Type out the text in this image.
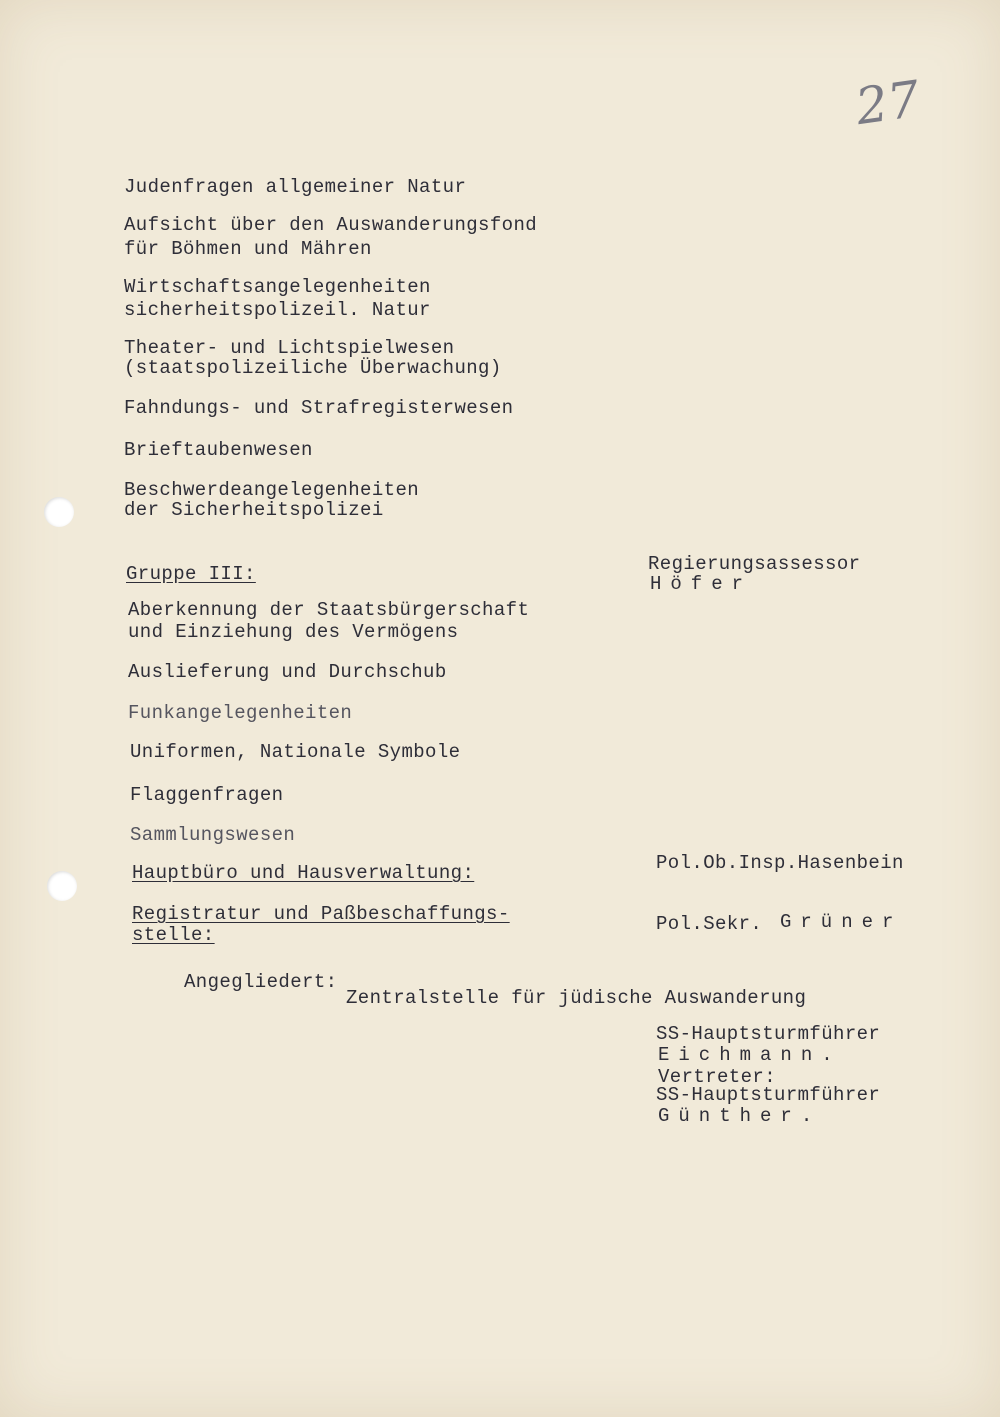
27

Judenfragen allgemeiner Natur

Aufsicht über den Auswanderungsfond

für Böhmen und Mähren

Wirtschaftsangelegenheiten

sicherheitspolizeil. Natur

Theater- und Lichtspielwesen

(staatspolizeiliche Überwachung)

Fahndungs- und Strafregisterwesen

Brieftaubenwesen

Beschwerdeangelegenheiten

der Sicherheitspolizei

Gruppe III:	Regierungsassessor

Höfer

Aberkennung der Staatsbürgerschaft

und Einziehung des Vermögens

Auslieferung und Durchschub

Funkangelegenheiten

Uniformen, Nationale Symbole

Flaggenfragen

Sammlungswesen

Hauptbüro und Hausverwaltung:	Pol.Ob.Insp.Hasenbein

Registratur und Paßbeschaffungs-

stelle:	Pol.Sekr. Grüner

Angegliedert:

Zentralstelle für jüdische Auswanderung

SS-Hauptsturmführer

Eichmann.

Vertreter:

SS-Hauptsturmführer

Günther.
